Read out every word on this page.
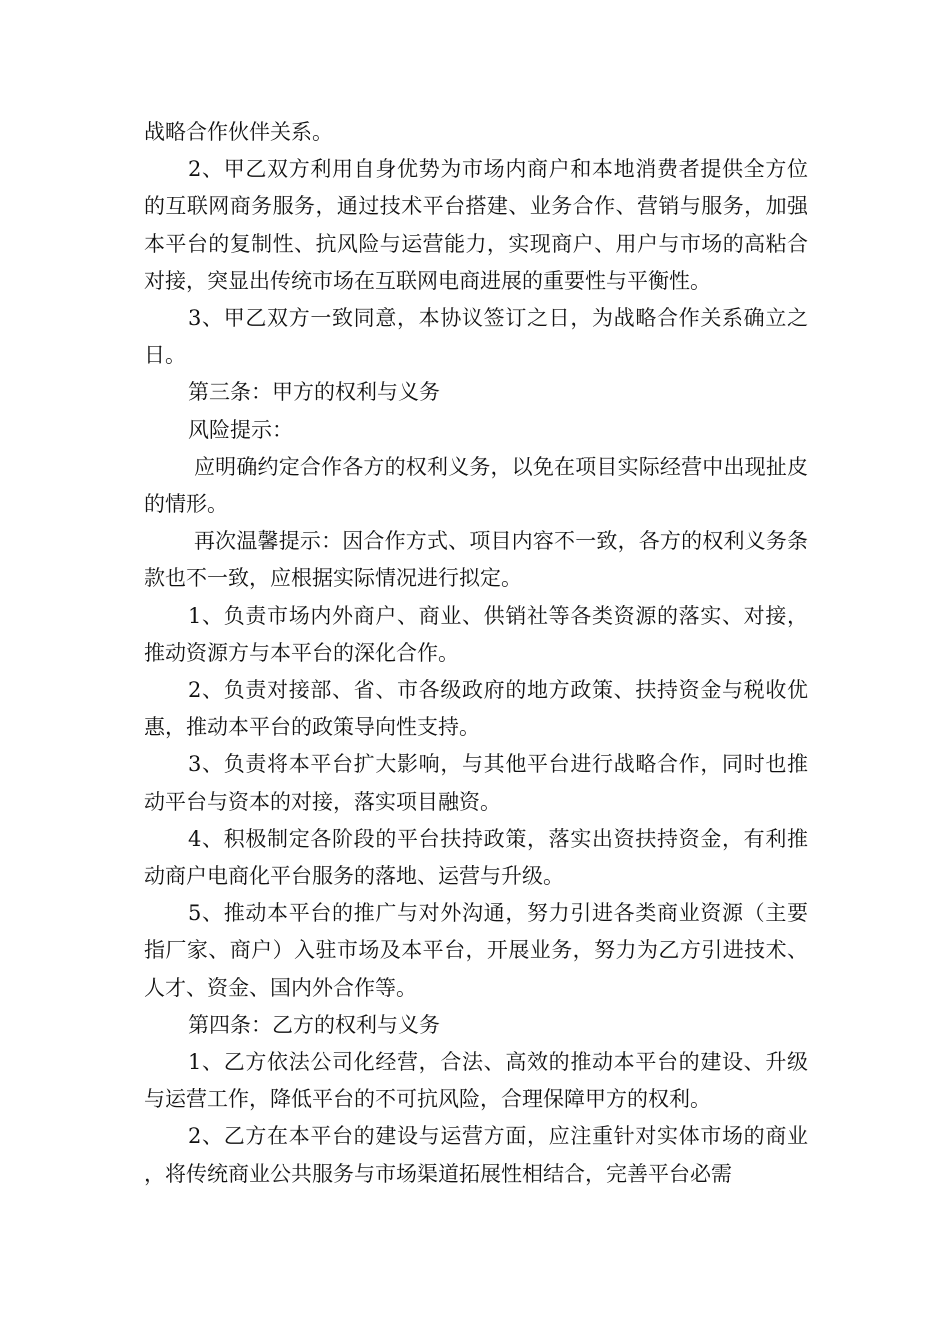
战略合作伙伴关系。

2、甲乙双方利用自身优势为市场内商户和本地消费者提供全方位的互联网商务服务，通过技术平台搭建、业务合作、营销与服务，加强本平台的复制性、抗风险与运营能力，实现商户、用户与市场的高粘合对接，突显出传统市场在互联网电商进展的重要性与平衡性。

3、甲乙双方一致同意，本协议签订之日，为战略合作关系确立之日。

第三条：甲方的权利与义务

风险提示：

应明确约定合作各方的权利义务，以免在项目实际经营中出现扯皮的情形。

再次温馨提示：因合作方式、项目内容不一致，各方的权利义务条款也不一致，应根据实际情况进行拟定。

1、负责市场内外商户、商业、供销社等各类资源的落实、对接，推动资源方与本平台的深化合作。

2、负责对接部、省、市各级政府的地方政策、扶持资金与税收优惠，推动本平台的政策导向性支持。

3、负责将本平台扩大影响，与其他平台进行战略合作，同时也推动平台与资本的对接，落实项目融资。

4、积极制定各阶段的平台扶持政策，落实出资扶持资金，有利推动商户电商化平台服务的落地、运营与升级。

5、推动本平台的推广与对外沟通，努力引进各类商业资源（主要指厂家、商户）入驻市场及本平台，开展业务，努力为乙方引进技术、人才、资金、国内外合作等。

第四条：乙方的权利与义务

1、乙方依法公司化经营，合法、高效的推动本平台的建设、升级与运营工作，降低平台的不可抗风险，合理保障甲方的权利。

2、乙方在本平台的建设与运营方面，应注重针对实体市场的商业，将传统商业公共服务与市场渠道拓展性相结合，完善平台必需
